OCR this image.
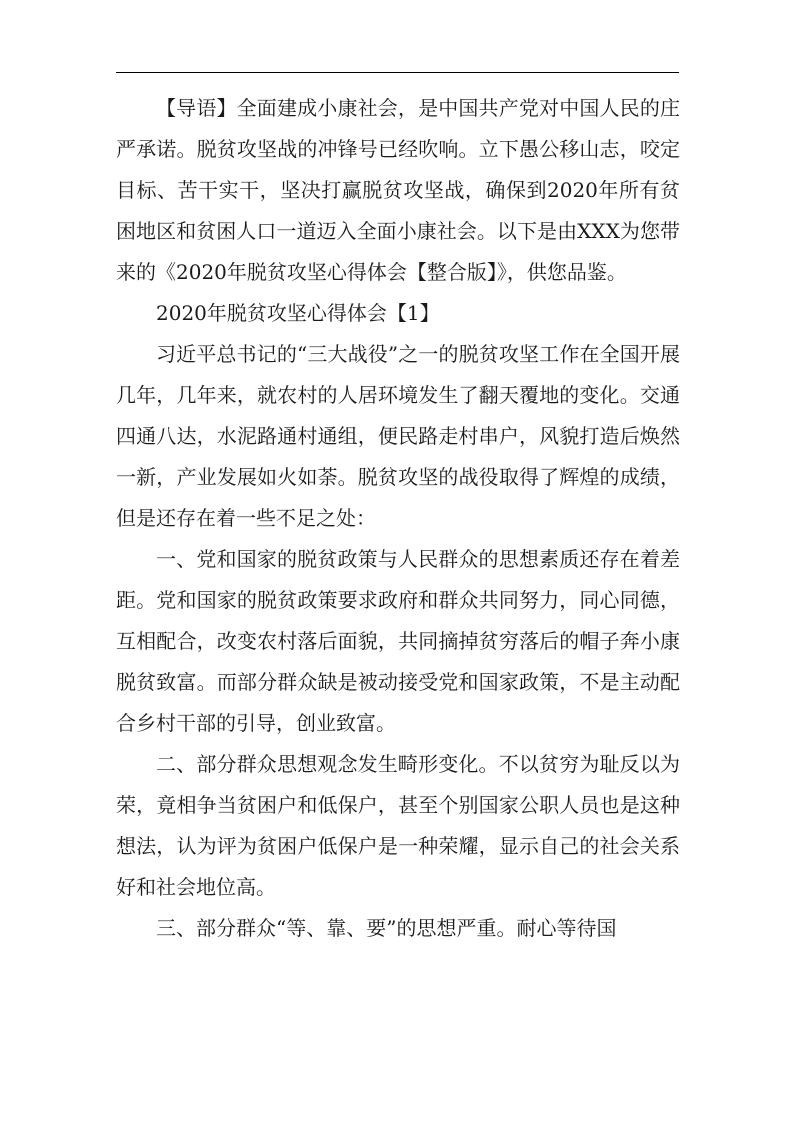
【导语】全面建成小康社会，是中国共产党对中国人民的庄严承诺。脱贫攻坚战的冲锋号已经吹响。立下愚公移山志，咬定目标、苦干实干，坚决打赢脱贫攻坚战，确保到2020年所有贫困地区和贫困人口一道迈入全面小康社会。以下是由XXX为您带来的《2020年脱贫攻坚心得体会【整合版】》，供您品鉴。

2020年脱贫攻坚心得体会【1】

习近平总书记的“三大战役”之一的脱贫攻坚工作在全国开展几年，几年来，就农村的人居环境发生了翻天覆地的变化。交通四通八达，水泥路通村通组，便民路走村串户，风貌打造后焕然一新，产业发展如火如荼。脱贫攻坚的战役取得了辉煌的成绩，但是还存在着一些不足之处：

一、党和国家的脱贫政策与人民群众的思想素质还存在着差距。党和国家的脱贫政策要求政府和群众共同努力，同心同德，互相配合，改变农村落后面貌，共同摘掉贫穷落后的帽子奔小康脱贫致富。而部分群众缺是被动接受党和国家政策，不是主动配合乡村干部的引导，创业致富。

二、部分群众思想观念发生畸形变化。不以贫穷为耻反以为荣，竟相争当贫困户和低保户，甚至个别国家公职人员也是这种想法，认为评为贫困户低保户是一种荣耀，显示自己的社会关系好和社会地位高。

三、部分群众“等、靠、要”的思想严重。耐心等待国
